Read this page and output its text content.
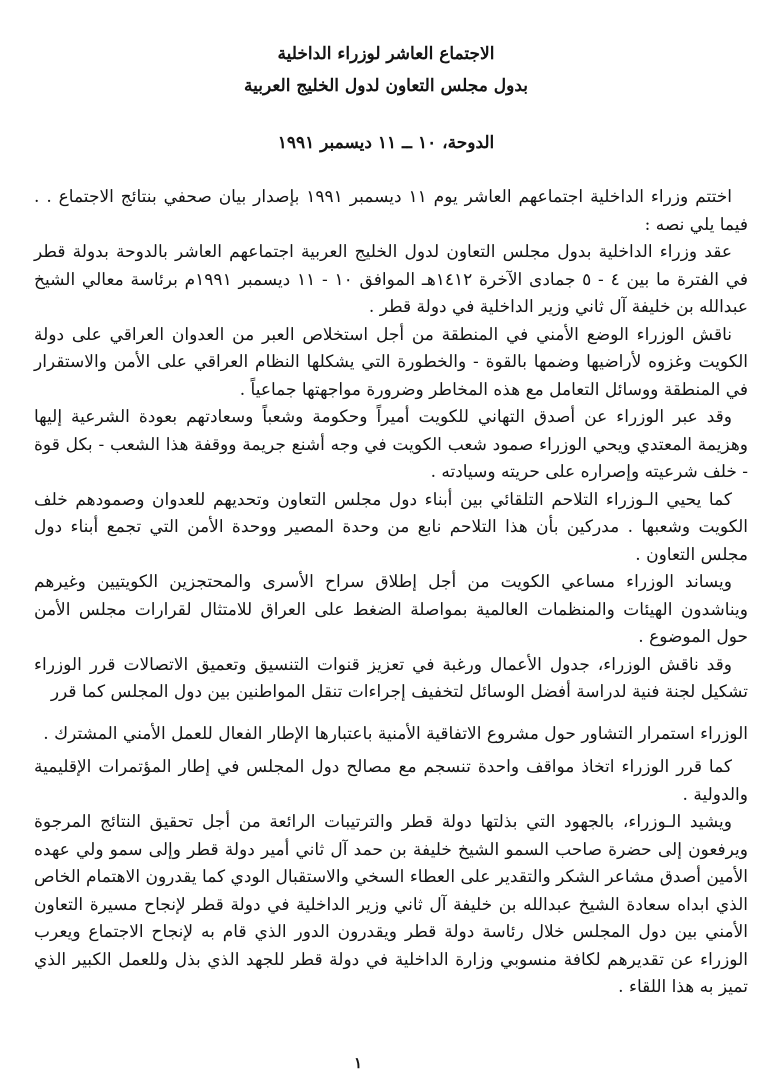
الاجتماع العاشر لوزراء الداخلية
بدول مجلس التعاون لدول الخليج العربية
الدوحة، ١٠ ــ ١١ ديسمبر ١٩٩١

اختتم وزراء الداخلية اجتماعهم العاشر يوم ١١ ديسمبر ١٩٩١ بإصدار بيان صحفي بنتائج الاجتماع . . فيما يلي نصه :

عقد وزراء الداخلية بدول مجلس التعاون لدول الخليج العربية اجتماعهم العاشر بالدوحة بدولة قطر في الفترة ما بين ٤ - ٥ جمادى الآخرة ١٤١٢هـ الموافق ١٠ - ١١ ديسمبر ١٩٩١م برئاسة معالي الشيخ عبدالله بن خليفة آل ثاني وزير الداخلية في دولة قطر .

ناقش الوزراء الوضع الأمني في المنطقة من أجل استخلاص العبر من العدوان العراقي على دولة الكويت وغزوه لأراضيها وضمها بالقوة - والخطورة التي يشكلها النظام العراقي على الأمن والاستقرار في المنطقة ووسائل التعامل مع هذه المخاطر وضرورة مواجهتها جماعياً .

وقد عبر الوزراء عن أصدق التهاني للكويت أميراً وحكومة وشعباً وسعادتهم بعودة الشرعية إليها وهزيمة المعتدي ويحي الوزراء صمود شعب الكويت في وجه أشنع جريمة ووقفة هذا الشعب - بكل قوة - خلف شرعيته وإصراره على حريته وسيادته .

كما يحيي الـوزراء التلاحم التلقائي بين أبناء دول مجلس التعاون وتحديهم للعدوان وصمودهم خلف الكويت وشعبها . مدركين بأن هذا التلاحم نابع من وحدة المصير ووحدة الأمن التي تجمع أبناء دول مجلس التعاون .

ويساند الوزراء مساعي الكويت من أجل إطلاق سراح الأسرى والمحتجزين الكويتيين وغيرهم ويناشدون الهيئات والمنظمات العالمية بمواصلة الضغط على العراق للامتثال لقرارات مجلس الأمن حول الموضوع .

وقد ناقش الوزراء، جدول الأعمال ورغبة في تعزيز قنوات التنسيق وتعميق الاتصالات قرر الوزراء تشكيل لجنة فنية لدراسة أفضل الوسائل لتخفيف إجراءات تنقل المواطنين بين دول المجلس كما قرر

الوزراء استمرار التشاور حول مشروع الاتفاقية الأمنية باعتبارها الإطار الفعال للعمل الأمني المشترك .

كما قرر الوزراء اتخاذ مواقف واحدة تنسجم مع مصالح دول المجلس في إطار المؤتمرات الإقليمية والدولية .

ويشيد الـوزراء، بالجهود التي بذلتها دولة قطر والترتيبات الرائعة من أجل تحقيق النتائج المرجوة ويرفعون إلى حضرة صاحب السمو الشيخ خليفة بن حمد آل ثاني أمير دولة قطر وإلى سمو ولي عهده الأمين أصدق مشاعر الشكر والتقدير على العطاء السخي والاستقبال الودي كما يقدرون الاهتمام الخاص الذي ابداه سعادة الشيخ عبدالله بن خليفة آل ثاني وزير الداخلية في دولة قطر لإنجاح مسيرة التعاون الأمني بين دول المجلس خلال رئاسة دولة قطر ويقدرون الدور الذي قام به لإنجاح الاجتماع ويعرب الوزراء عن تقديرهم لكافة منسوبي وزارة الداخلية في دولة قطر للجهد الذي بذل وللعمل الكبير الذي تميز به هذا اللقاء .

١
